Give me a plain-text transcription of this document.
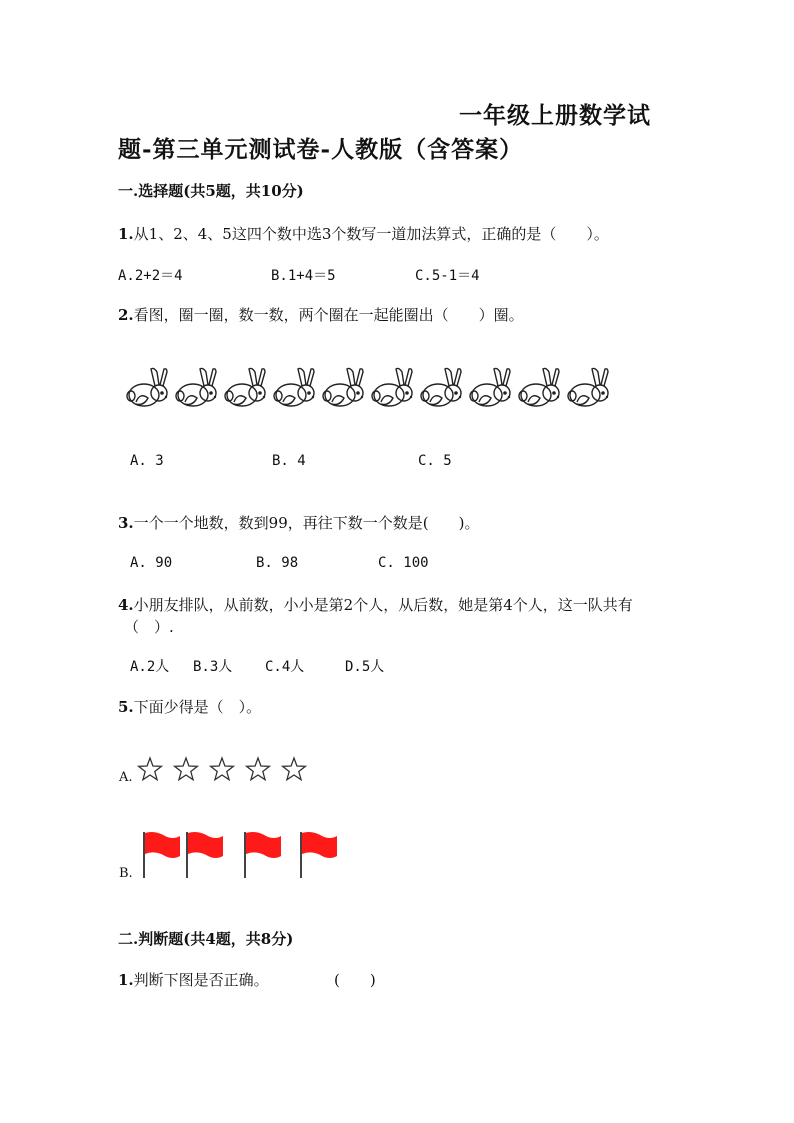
一年级上册数学试
题-第三单元测试卷-人教版（含答案）
一.选择题(共5题，共10分)
1.从1、2、4、5这四个数中选3个数写一道加法算式，正确的是（　　）。
A.2+2＝4	B.1+4＝5	C.5-1＝4
2.看图，圈一圈，数一数，两个圈在一起能圈出（　　）圈。
A. 3	B. 4	C. 5
3.一个一个地数，数到99，再往下数一个数是(　　)。
A. 90	B. 98	C. 100
4.小朋友排队，从前数，小小是第2个人，从后数，她是第4个人，这一队共有
（　）.
A.2人 B.3人 C.4人	D.5人
5.下面少得是（　）。
A.
B.
二.判断题(共4题，共8分)
1.判断下图是否正确。	(　　)
